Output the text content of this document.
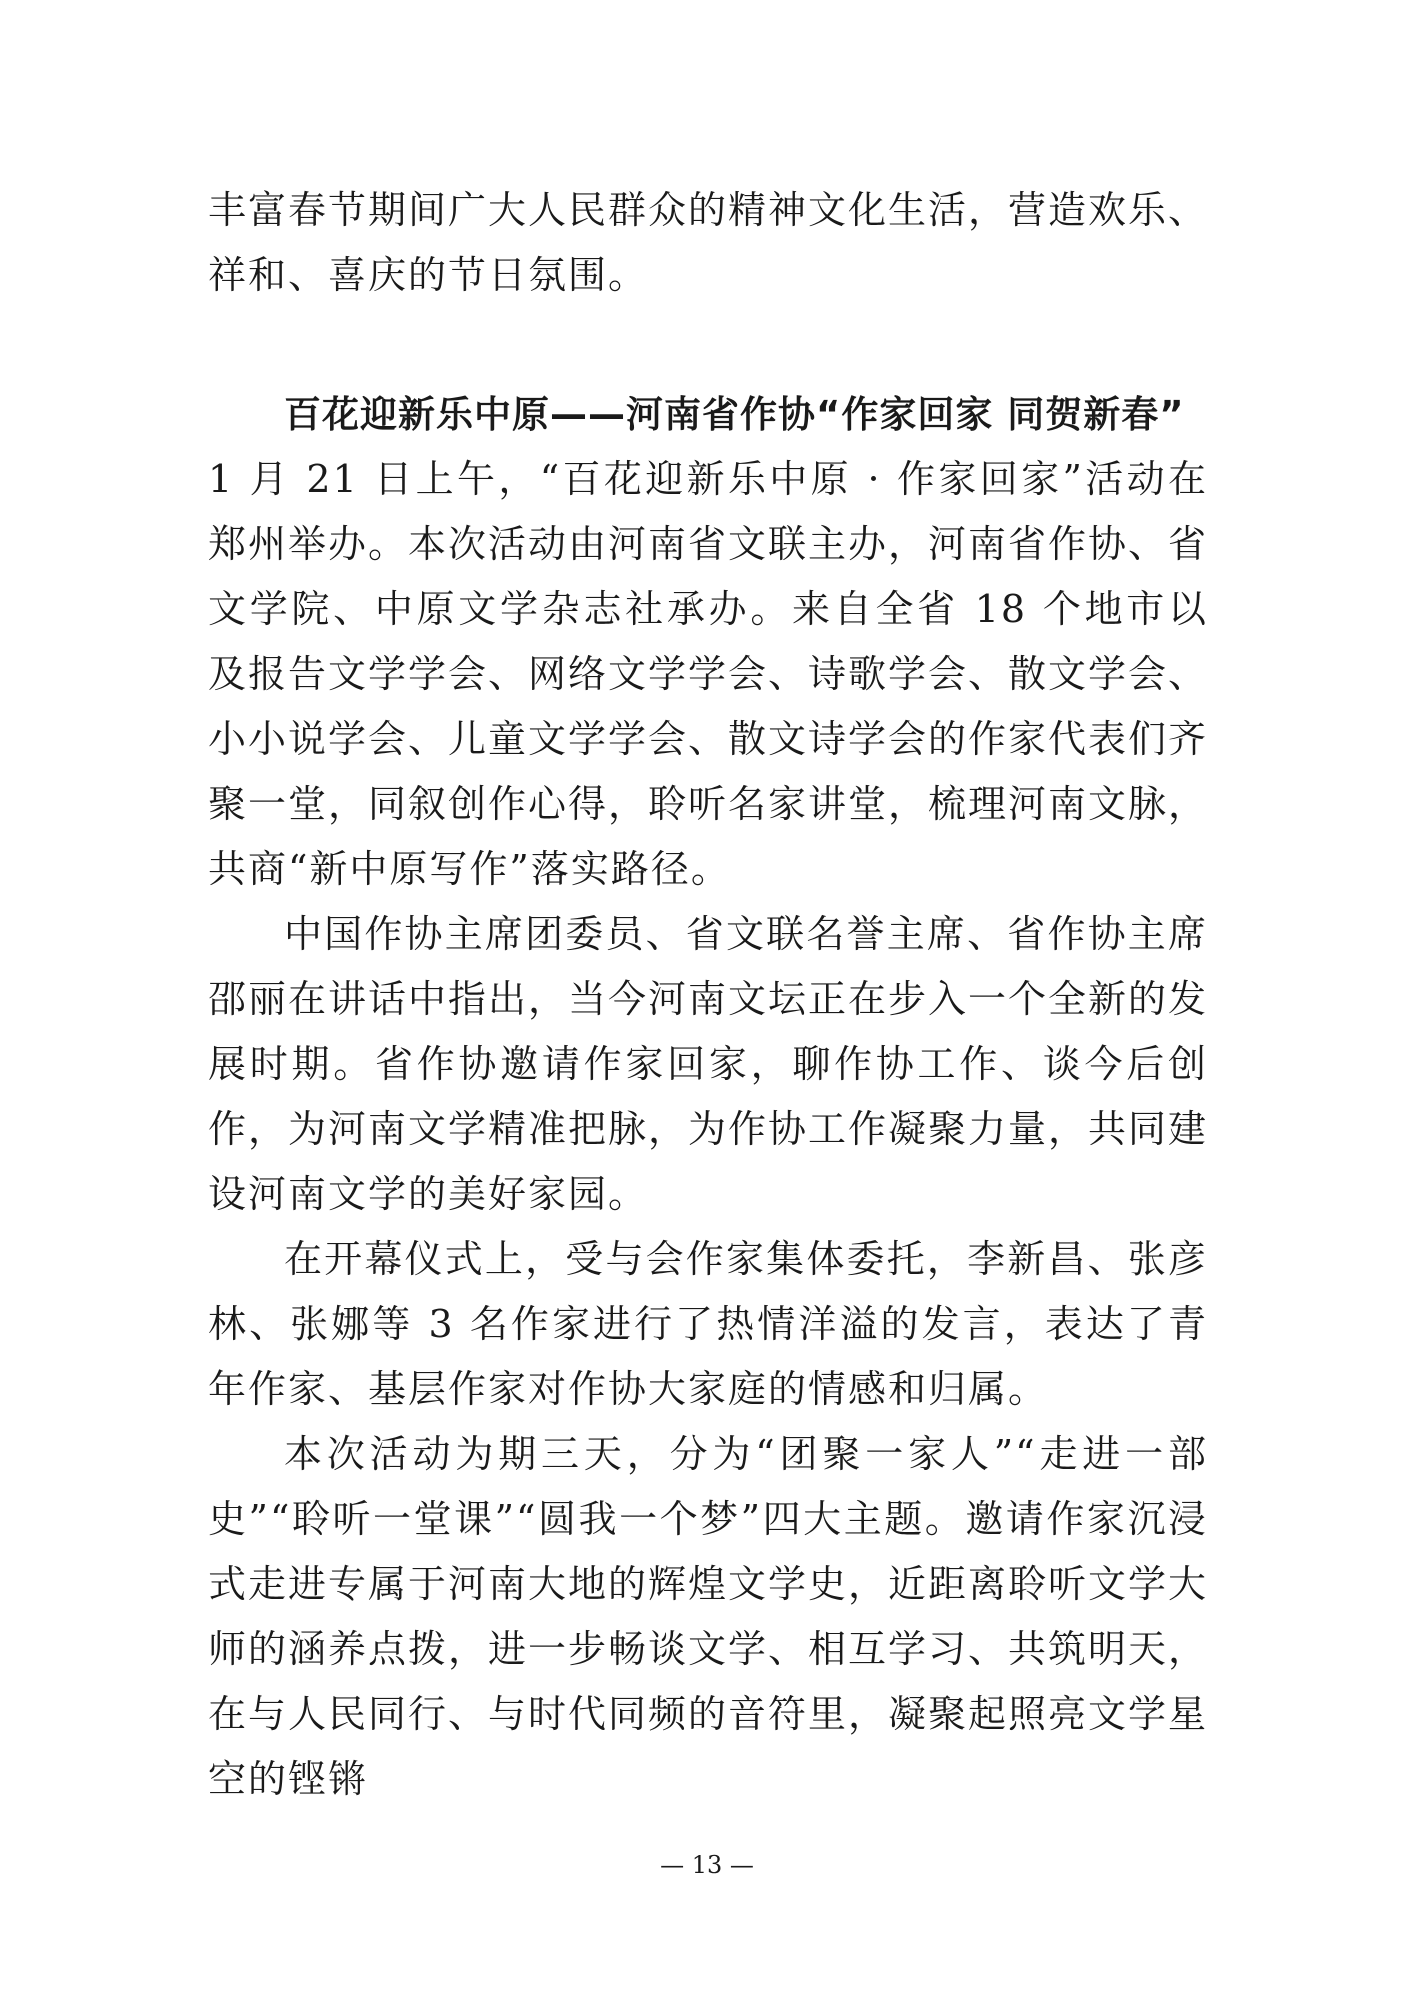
丰富春节期间广大人民群众的精神文化生活，营造欢乐、祥和、喜庆的节日氛围。

百花迎新乐中原——河南省作协“作家回家 同贺新春”

1 月 21 日上午，“百花迎新乐中原 · 作家回家”活动在郑州举办。本次活动由河南省文联主办，河南省作协、省文学院、中原文学杂志社承办。来自全省 18 个地市以及报告文学学会、网络文学学会、诗歌学会、散文学会、小小说学会、儿童文学学会、散文诗学会的作家代表们齐聚一堂，同叙创作心得，聆听名家讲堂，梳理河南文脉，共商“新中原写作”落实路径。

中国作协主席团委员、省文联名誉主席、省作协主席邵丽在讲话中指出，当今河南文坛正在步入一个全新的发展时期。省作协邀请作家回家，聊作协工作、谈今后创作，为河南文学精准把脉，为作协工作凝聚力量，共同建设河南文学的美好家园。

在开幕仪式上，受与会作家集体委托，李新昌、张彦林、张娜等 3 名作家进行了热情洋溢的发言，表达了青年作家、基层作家对作协大家庭的情感和归属。

本次活动为期三天，分为“团聚一家人”“走进一部史”“聆听一堂课”“圆我一个梦”四大主题。邀请作家沉浸式走进专属于河南大地的辉煌文学史，近距离聆听文学大师的涵养点拨，进一步畅谈文学、相互学习、共筑明天，在与人民同行、与时代同频的音符里，凝聚起照亮文学星空的铿锵

— 13 —
